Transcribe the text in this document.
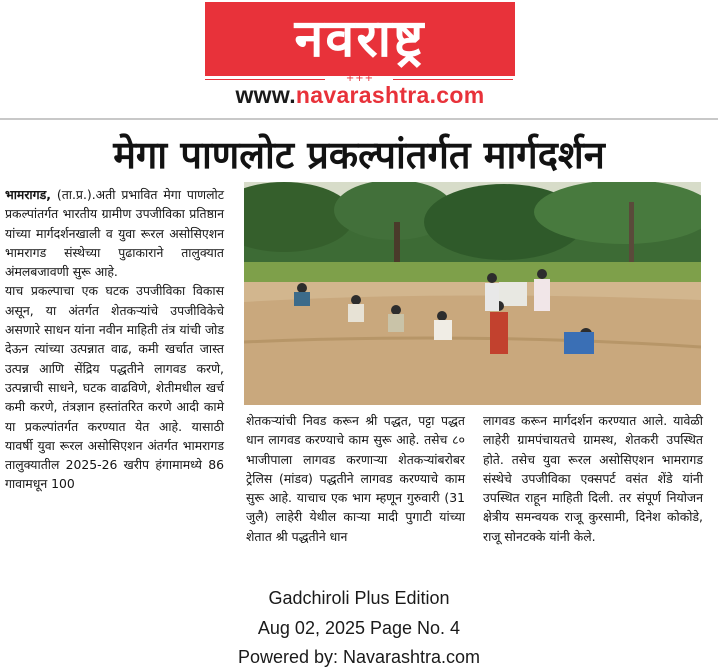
नवराष्ट्र
+++
www.navarashtra.com
मेगा पाणलोट प्रकल्पांतर्गत मार्गदर्शन

भामरागड, (ता.प्र.).अती प्रभावित मेगा पाणलोट प्रकल्पांतर्गत भारतीय ग्रामीण उपजीविका प्रतिष्ठान यांच्या मार्गदर्शनखाली व युवा रूरल असोसिएशन भामरागड संस्थेच्या पुढाकाराने तालुक्यात अंमलबजावणी सुरू आहे.

याच प्रकल्पाचा एक घटक उपजीविका विकास असून, या अंतर्गत शेतकऱ्यांचे उपजीविकेचे असणारे साधन यांना नवीन माहिती तंत्र यांची जोड देऊन त्यांच्या उत्पन्नात वाढ, कमी खर्चात जास्त उत्पन्न आणि सेंद्रिय पद्धतीने लागवड करणे, उत्पन्नाची साधने, घटक वाढविणे, शेतीमधील खर्च कमी करणे, तंत्रज्ञान हस्तांतरित करणे आदी कामे या प्रकल्पांतर्गत करण्यात येत आहे. यासाठी यावर्षी युवा रूरल असोसिएशन अंतर्गत भामरागड तालुक्यातील 2025-26 खरीप हंगामामध्ये 86 गावामधून 100

शेतकऱ्यांची निवड करून श्री पद्धत, पट्टा पद्धत धान लागवड करण्याचे काम सुरू आहे. तसेच ८० भाजीपाला लागवड करणाऱ्या शेतकऱ्यांबरोबर ट्रेलिस (मांडव) पद्धतीने लागवड करण्याचे काम सुरू आहे. याचाच एक भाग म्हणून गुरुवारी (31 जुलै) लाहेरी येथील काऱ्या मादी पुगाटी यांच्या शेतात श्री पद्धतीने धान
लागवड करून मार्गदर्शन करण्यात आले. यावेळी लाहेरी ग्रामपंचायतचे ग्रामस्थ, शेतकरी उपस्थित होते. तसेच युवा रूरल असोसिएशन भामरागड संस्थेचे उपजीविका एक्सपर्ट वसंत शेंडे यांनी उपस्थित राहून माहिती दिली. तर संपूर्ण नियोजन क्षेत्रीय समन्वयक राजू कुरसामी, दिनेश कोकोडे, राजू सोनटक्के यांनी केले.
Gadchiroli Plus Edition
Aug 02, 2025 Page No. 4
Powered by: Navarashtra.com
